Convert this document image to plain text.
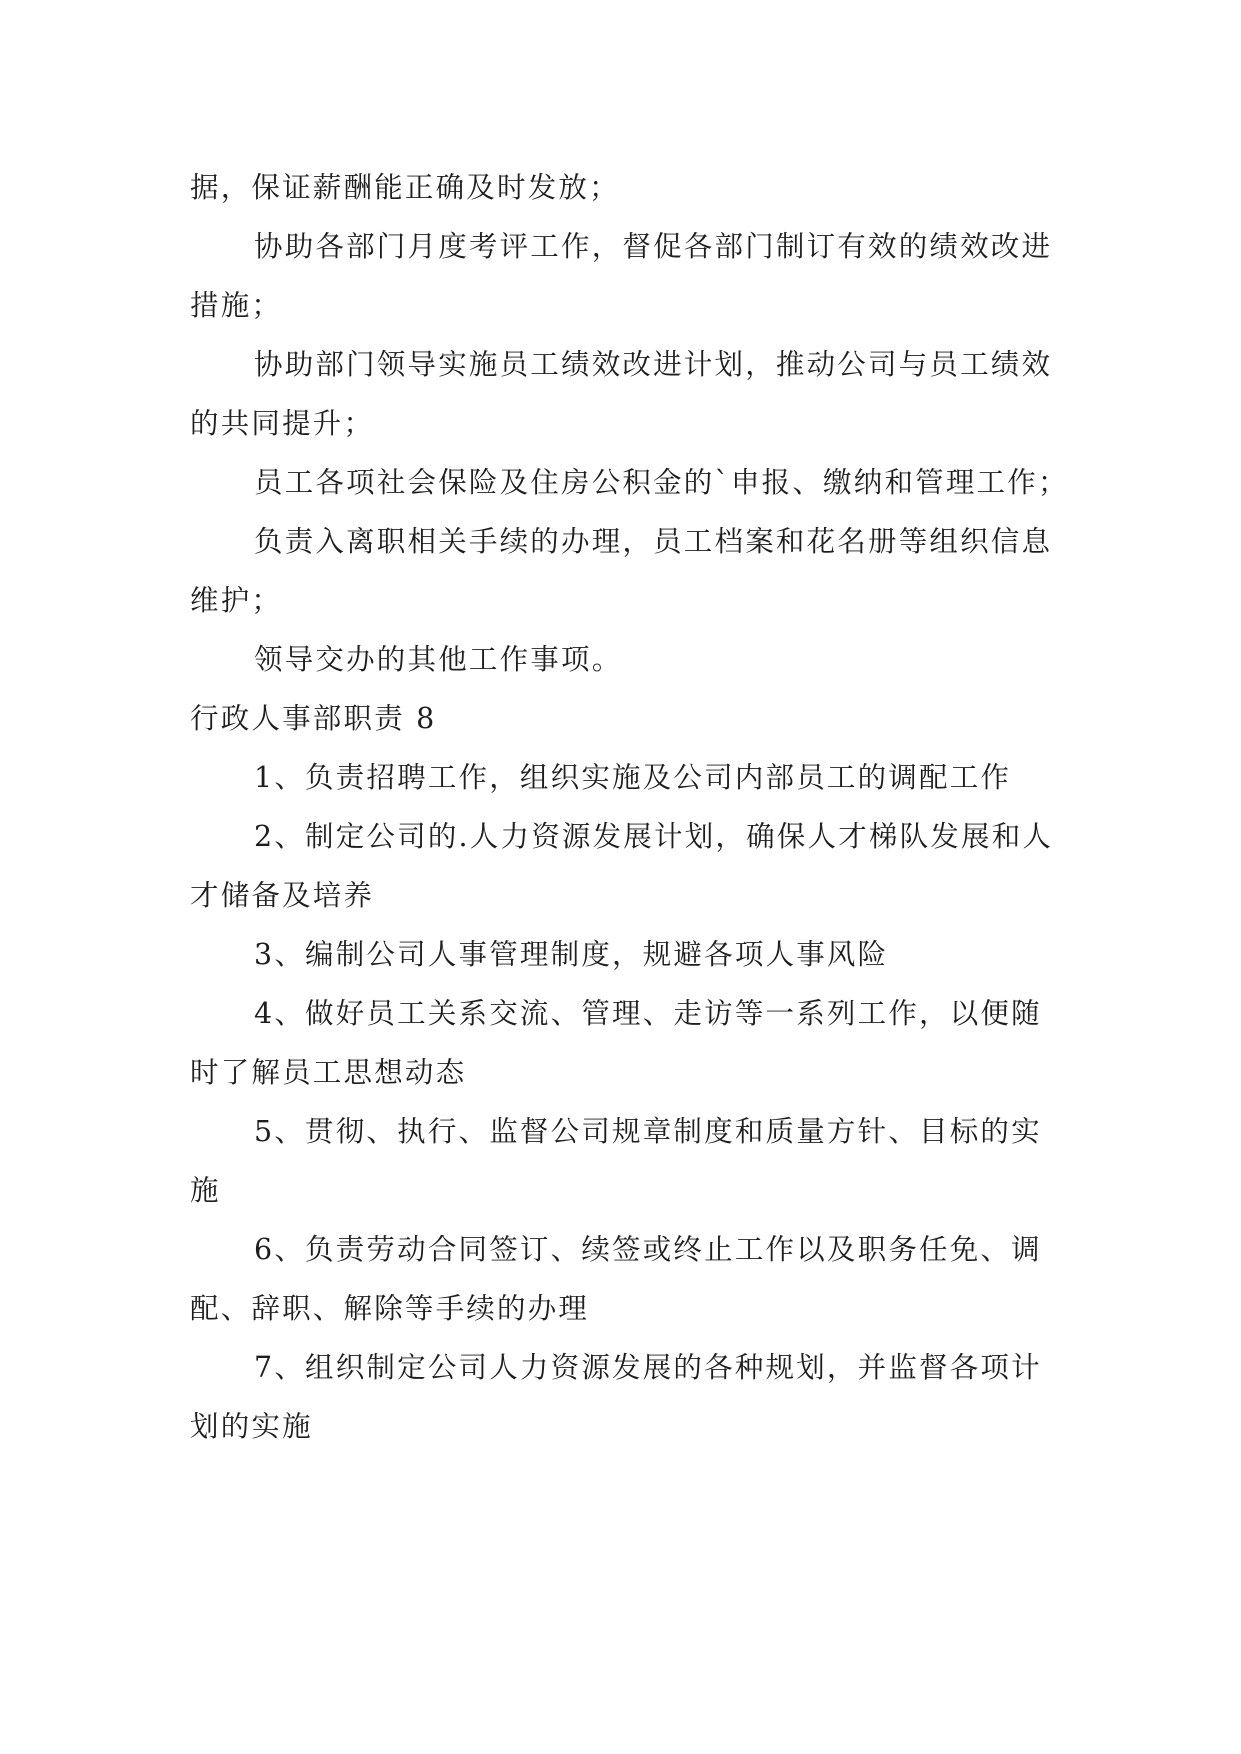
据，保证薪酬能正确及时发放；

协助各部门月度考评工作，督促各部门制订有效的绩效改进措施；

协助部门领导实施员工绩效改进计划，推动公司与员工绩效的共同提升；

员工各项社会保险及住房公积金的`申报、缴纳和管理工作；

负责入离职相关手续的办理，员工档案和花名册等组织信息维护；

领导交办的其他工作事项。

行政人事部职责 8

1、负责招聘工作，组织实施及公司内部员工的调配工作

2、制定公司的.人力资源发展计划，确保人才梯队发展和人才储备及培养

3、编制公司人事管理制度，规避各项人事风险

4、做好员工关系交流、管理、走访等一系列工作，以便随时了解员工思想动态

5、贯彻、执行、监督公司规章制度和质量方针、目标的实施

6、负责劳动合同签订、续签或终止工作以及职务任免、调配、辞职、解除等手续的办理

7、组织制定公司人力资源发展的各种规划，并监督各项计划的实施
